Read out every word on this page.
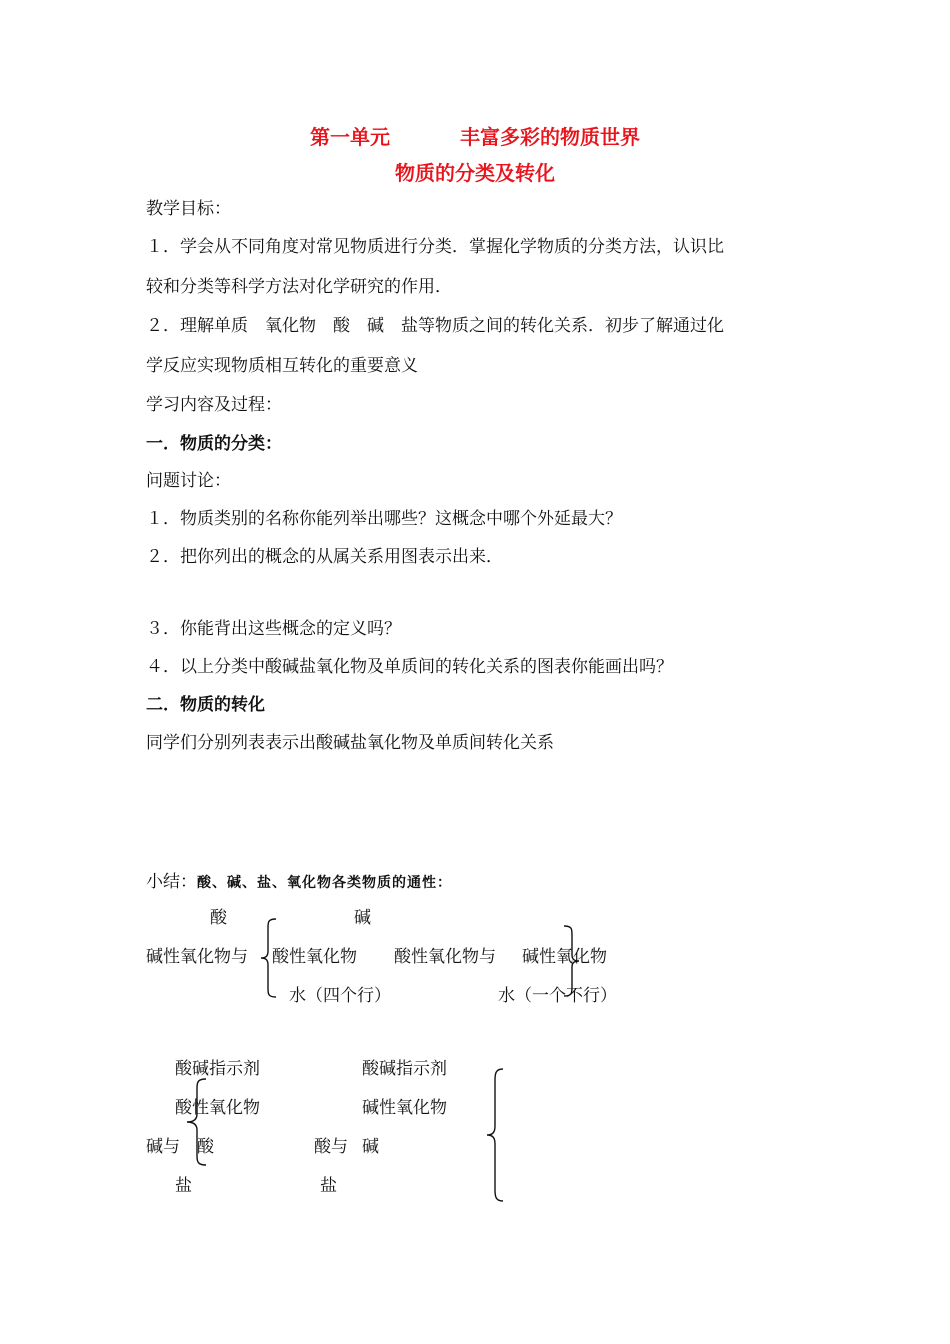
第一单元	丰富多彩的物质世界
物质的分类及转化
教学目标：
１．学会从不同角度对常见物质进行分类．掌握化学物质的分类方法，认识比
较和分类等科学方法对化学研究的作用．
２．理解单质　氧化物　酸　碱　盐等物质之间的转化关系．初步了解通过化
学反应实现物质相互转化的重要意义
学习内容及过程：
一．物质的分类：
问题讨论：
１．物质类别的名称你能列举出哪些？这概念中哪个外延最大？
２．把你列出的概念的从属关系用图表示出来．
３．你能背出这些概念的定义吗？
４．以上分类中酸碱盐氧化物及单质间的转化关系的图表你能画出吗？
二．物质的转化
同学们分别列表表示出酸碱盐氧化物及单质间转化关系
小结：酸、碱、盐、氧化物各类物质的通性：
酸	碱
碱性氧化物与 酸性氧化物 酸性氧化物与 碱性氧化物
水（四个行）	水（一个不行）
酸碱指示剂
酸性氧化物
碱与 酸
盐
酸碱指示剂
碱性氧化物
酸与 碱
盐
